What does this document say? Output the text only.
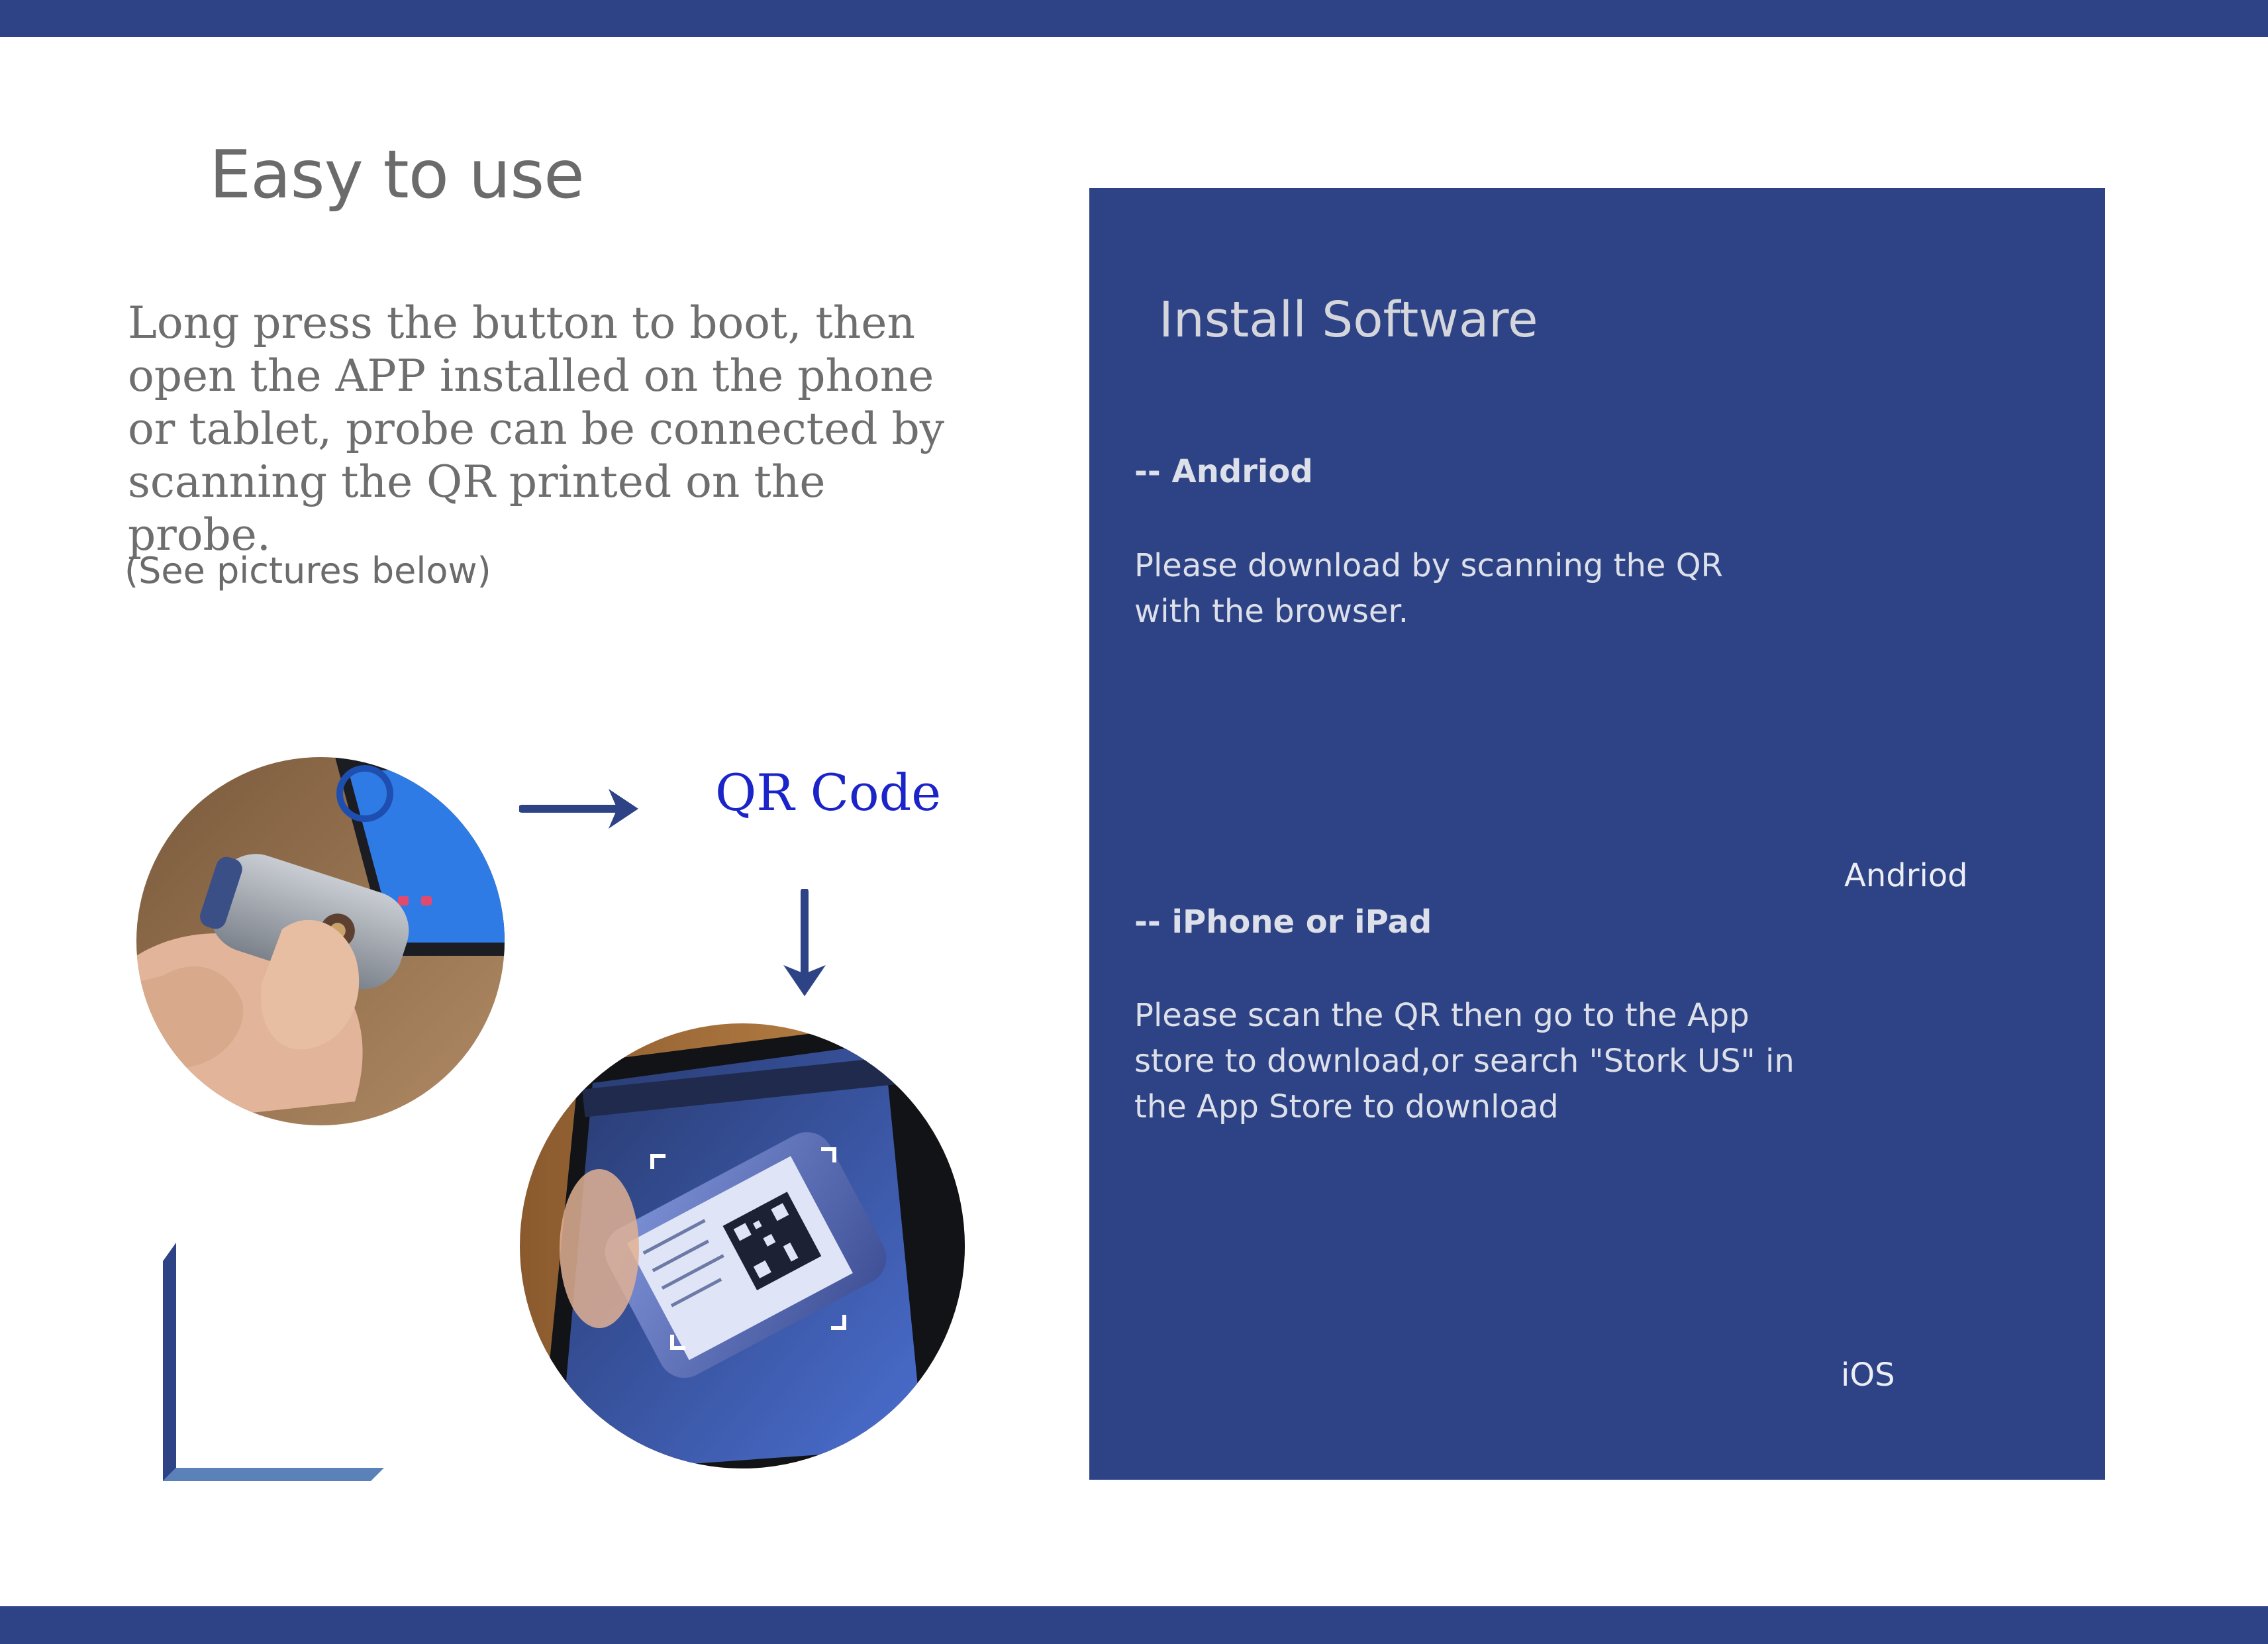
Easy to use
Long press the button to boot, then open the APP installed on the phone or tablet, probe can be connected by scanning the QR printed on the probe.
(See pictures below)
QR Code
Install Software
-- Andriod
Please download by scanning the QR with the browser.
-- iPhone or iPad
Please scan the QR then go to the App store to download,or search "Stork US" in the App Store to download
Andriod
iOS
